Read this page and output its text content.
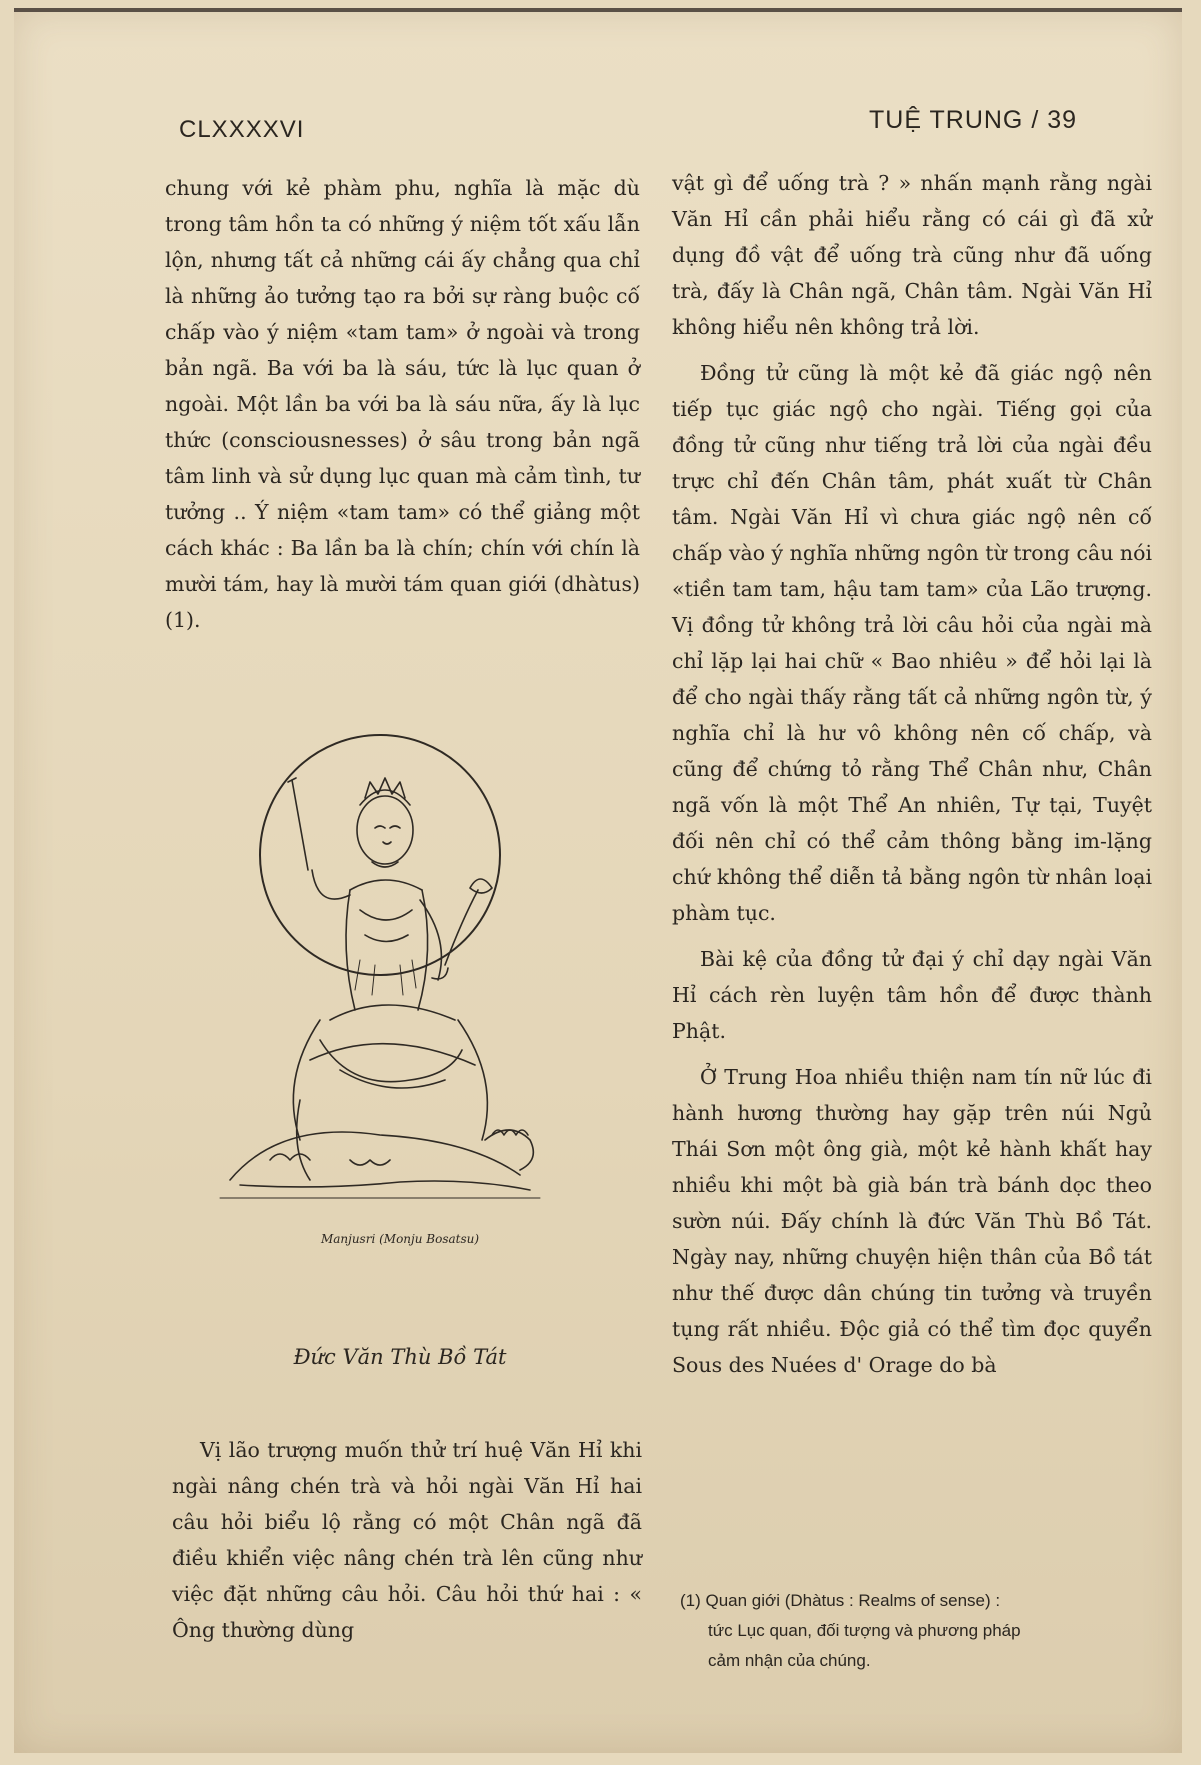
CLXXXXVI	TUỆ TRUNG / 39

chung với kẻ phàm phu, nghĩa là mặc dù trong tâm hồn ta có những ý niệm tốt xấu lẫn lộn, nhưng tất cả những cái ấy chẳng qua chỉ là những ảo tưởng tạo ra bởi sự ràng buộc cố chấp vào ý niệm «tam tam» ở ngoài và trong bản ngã. Ba với ba là sáu, tức là lục quan ở ngoài. Một lần ba với ba là sáu nữa, ấy là lục thức (consciousnesses) ở sâu trong bản ngã tâm linh và sử dụng lục quan mà cảm tình, tư tưởng .. Ý niệm «tam tam» có thể giảng một cách khác : Ba lần ba là chín; chín với chín là mười tám, hay là mười tám quan giới (dhàtus) (1).

Manjusri (Monju Bosatsu)
Đức Văn Thù Bồ Tát

Vị lão trượng muốn thử trí huệ Văn Hỉ khi ngài nâng chén trà và hỏi ngài Văn Hỉ hai câu hỏi biểu lộ rằng có một Chân ngã đã điều khiển việc nâng chén trà lên cũng như việc đặt những câu hỏi. Câu hỏi thứ hai : « Ông thường dùng

vật gì để uống trà ? » nhấn mạnh rằng ngài Văn Hỉ cần phải hiểu rằng có cái gì đã xử dụng đồ vật để uống trà cũng như đã uống trà, đấy là Chân ngã, Chân tâm. Ngài Văn Hỉ không hiểu nên không trả lời.

Đồng tử cũng là một kẻ đã giác ngộ nên tiếp tục giác ngộ cho ngài. Tiếng gọi của đồng tử cũng như tiếng trả lời của ngài đều trực chỉ đến Chân tâm, phát xuất từ Chân tâm. Ngài Văn Hỉ vì chưa giác ngộ nên cố chấp vào ý nghĩa những ngôn từ trong câu nói «tiền tam tam, hậu tam tam» của Lão trượng. Vị đồng tử không trả lời câu hỏi của ngài mà chỉ lặp lại hai chữ « Bao nhiêu » để hỏi lại là để cho ngài thấy rằng tất cả những ngôn từ, ý nghĩa chỉ là hư vô không nên cố chấp, và cũng để chứng tỏ rằng Thể Chân như, Chân ngã vốn là một Thể An nhiên, Tự tại, Tuyệt đối nên chỉ có thể cảm thông bằng im-lặng chứ không thể diễn tả bằng ngôn từ nhân loại phàm tục.

Bài kệ của đồng tử đại ý chỉ dạy ngài Văn Hỉ cách rèn luyện tâm hồn để được thành Phật.

Ở Trung Hoa nhiều thiện nam tín nữ lúc đi hành hương thường hay gặp trên núi Ngủ Thái Sơn một ông già, một kẻ hành khất hay nhiều khi một bà già bán trà bánh dọc theo sườn núi. Đấy chính là đức Văn Thù Bồ Tát. Ngày nay, những chuyện hiện thân của Bồ tát như thế được dân chúng tin tưởng và truyền tụng rất nhiều. Độc giả có thể tìm đọc quyển Sous des Nuées d' Orage do bà

(1) Quan giới (Dhàtus : Realms of sense) :
tức Lục quan, đối tượng và phương pháp
cảm nhận của chúng.
